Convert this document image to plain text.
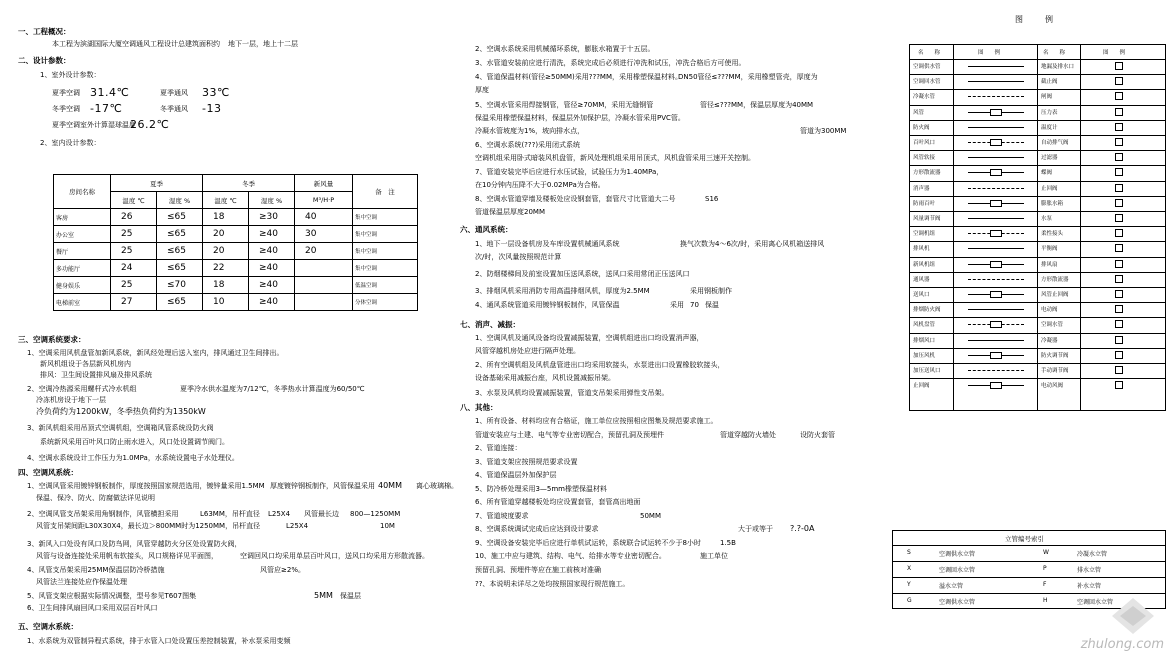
一、工程概况：
本工程为滨湖国际大厦空调通风工程设计 总建筑面积约 地下一层，地上十二层
二、设计参数：
1、室外设计参数：
夏季空调 31.4℃	夏季通风 33℃
冬季空调 -17℃	冬季通风 -13
夏季空调室外计算湿球温度
26.2℃
2、室内设计参数：
房间名称	夏季		冬季		新风量	备　注
	温度 ℃	湿度 %	温度 ℃	湿度 %	M³/H·P	
客房	26	≤65	18	≥30	40	集中空调
办公室	25	≤65	20	≥40	30	集中空调
餐厅	25	≤65	20	≥40	20	集中空调
多功能厅	24	≤65	22	≥40		集中空调
健身娱乐	25	≤70	18	≥40		低温空调
电梯前室	27	≤65	10	≥40		分体空调
三、空调系统要求：
1、空调采用风机盘管加新风系统，新风经处理后送入室内，排风通过卫生间排出。
新风机组设于各层新风机房内
排风：卫生间设置排风扇及排风系统
2、空调冷热源采用螺杆式冷水机组	夏季冷水供水温度为7/12℃，冬季热水计算温度为60/50℃
冷冻机房设于地下一层
冷负荷约为1200kW，冬季热负荷约为1350kW
3、新风机组采用吊顶式空调机组，空调箱风管系统设防火阀
系统新风采用百叶风口防止雨水进入，风口处设置调节阀门。
4、空调水系统设计工作压力为1.0MPa，水系统设置电子水处理仪。
四、空调风系统：
1、空调风管采用镀锌钢板制作，厚度按照国家规范选用，镀锌量采用1.5MM 厚度镀锌钢板制作，风管保温采用 40MM 离心玻璃棉。
保温、保冷、防火、防腐做法详见说明
2、空调风管支吊架采用角钢制作，风管横担采用	L63MM，吊杆直径 L25X4 风管最长边 800—1250MM
风管支吊架间距L30X30X4，最长边＞800MM时为1250MM，吊杆直径	L25X4	10M
3、新风入口处设有风口及防鸟网，风管穿越防火分区处设置防火阀，
风管与设备连接处采用帆布软接头，风口规格详见平面图，	空调回风口均采用单层百叶风口，送风口均采用方形散流器。
4、风管支吊架采用25MM保温层防冷桥措施	风管应≥2%。
风管法兰连接处应作保温处理
5、风管支架应根据实际情况调整，型号参见T607图集	5MM 保温层
6、卫生间排风扇回风口采用双层百叶风口
五、空调水系统：
1、水系统为双管制异程式系统，排于水管入口处设置压差控制装置，补水泵采用变频
2、空调水系统采用机械循环系统，膨胀水箱置于十五层。
3、水管道安装前应进行清洗，系统完成后必须进行冲洗和试压，冲洗合格后方可使用。
4、管道保温材料(管径≥50MM)采用???MM，采用橡塑保温材料。
DN50管径≤???MM，采用橡塑管壳，厚度为
厚度
5、空调水管采用焊接钢管，管径≥70MM，采用无缝钢管	管径≤???MM，保温层厚度为40MM
保温采用橡塑保温材料，保温层外加保护层，冷凝水管采用PVC管。
冷凝水管坡度为1%，坡向排水点，	管道为300MM
6、空调水系统(???)采用闭式系统
空调机组采用卧式暗装风机盘管，新风处理机组采用吊顶式，风机盘管采用三速开关控制。
7、管道安装完毕后应进行水压试验，试验压力为1.40MPa，
在10分钟内压降不大于0.02MPa为合格。
8、空调水管道穿墙及楼板处应设钢套管，套管尺寸比管道大二号	S16
管道保温层厚度20MM
六、通风系统：
1、地下一层设备机房及车库设置机械通风系统	换气次数为4～6次/时，采用离心风机箱送排风
次/时，次风量按照规范计算
2、防烟楼梯间及前室设置加压送风系统，送风口采用常闭正压送风口
3、排烟风机采用消防专用高温排烟风机，厚度为2.5MM	采用钢板制作
4、通风系统管道采用镀锌钢板制作，风管保温	采用 70 保温
七、消声、减振：
1、空调风机及通风设备均设置减振装置，空调机组进出口均设置消声器，
风管穿越机房处应进行隔声处理。
2、所有空调机组及风机盘管进出口均采用软接头，水泵进出口设置橡胶软接头，
设备基础采用减振台座，风机设置减振吊架。
3、水泵及风机均设置减振装置，管道支吊架采用弹性支吊架。
八、其他：
1、所有设备、材料均应有合格证，施工单位应按照相应图集及规范要求施工。
管道安装应与土建、电气等专业密切配合，预留孔洞及预埋件	管道穿越防火墙处	设防火套管
2、管道连接：
3、管道支架应按照规范要求设置
4、管道保温层外加保护层
5、防冷桥处理采用3—5mm橡塑保温材料
6、所有管道穿越楼板处均应设置套管，套管高出地面
7、管道坡度要求	50MM
8、空调系统调试完成后应达到设计要求	大于或等于 ?.?-0A
9、空调设备安装完毕后应进行单机试运转，系统联合试运转不少于8小时	1.5B
10、施工中应与建筑、结构、电气、给排水等专业密切配合。	施工单位
预留孔洞、预埋件等应在施工前核对准确
??、本说明未详尽之处均按照国家现行规范施工。
图　　例
名　　称	图　　例	名　　称	图　　例
空调供水管	地漏及排水口
空调回水管	截止阀
冷凝水管	闸阀
风管	压力表
防火阀	温度计
百叶风口	自动排气阀
风管软接	过滤器
方形散流器	蝶阀
消声器	止回阀
防雨百叶	膨胀水箱
风量调节阀	水泵
空调机组	柔性接头
排风机	平衡阀
新风机组	排风扇
通风器	方形散流器
送风口	风管止回阀
排烟防火阀	电动阀
风机盘管	空调水管
排烟风口	冷凝器
加压风机	防火调节阀
加压送风口	手动调节阀
止回阀	电动风阀
立管编号索引
S	空调供水立管	W	冷凝水立管
X	空调回水立管	P	排水立管
Y	溢水立管	F	补水立管
G	空调供水立管	H	空调回水立管
zhulong.com
